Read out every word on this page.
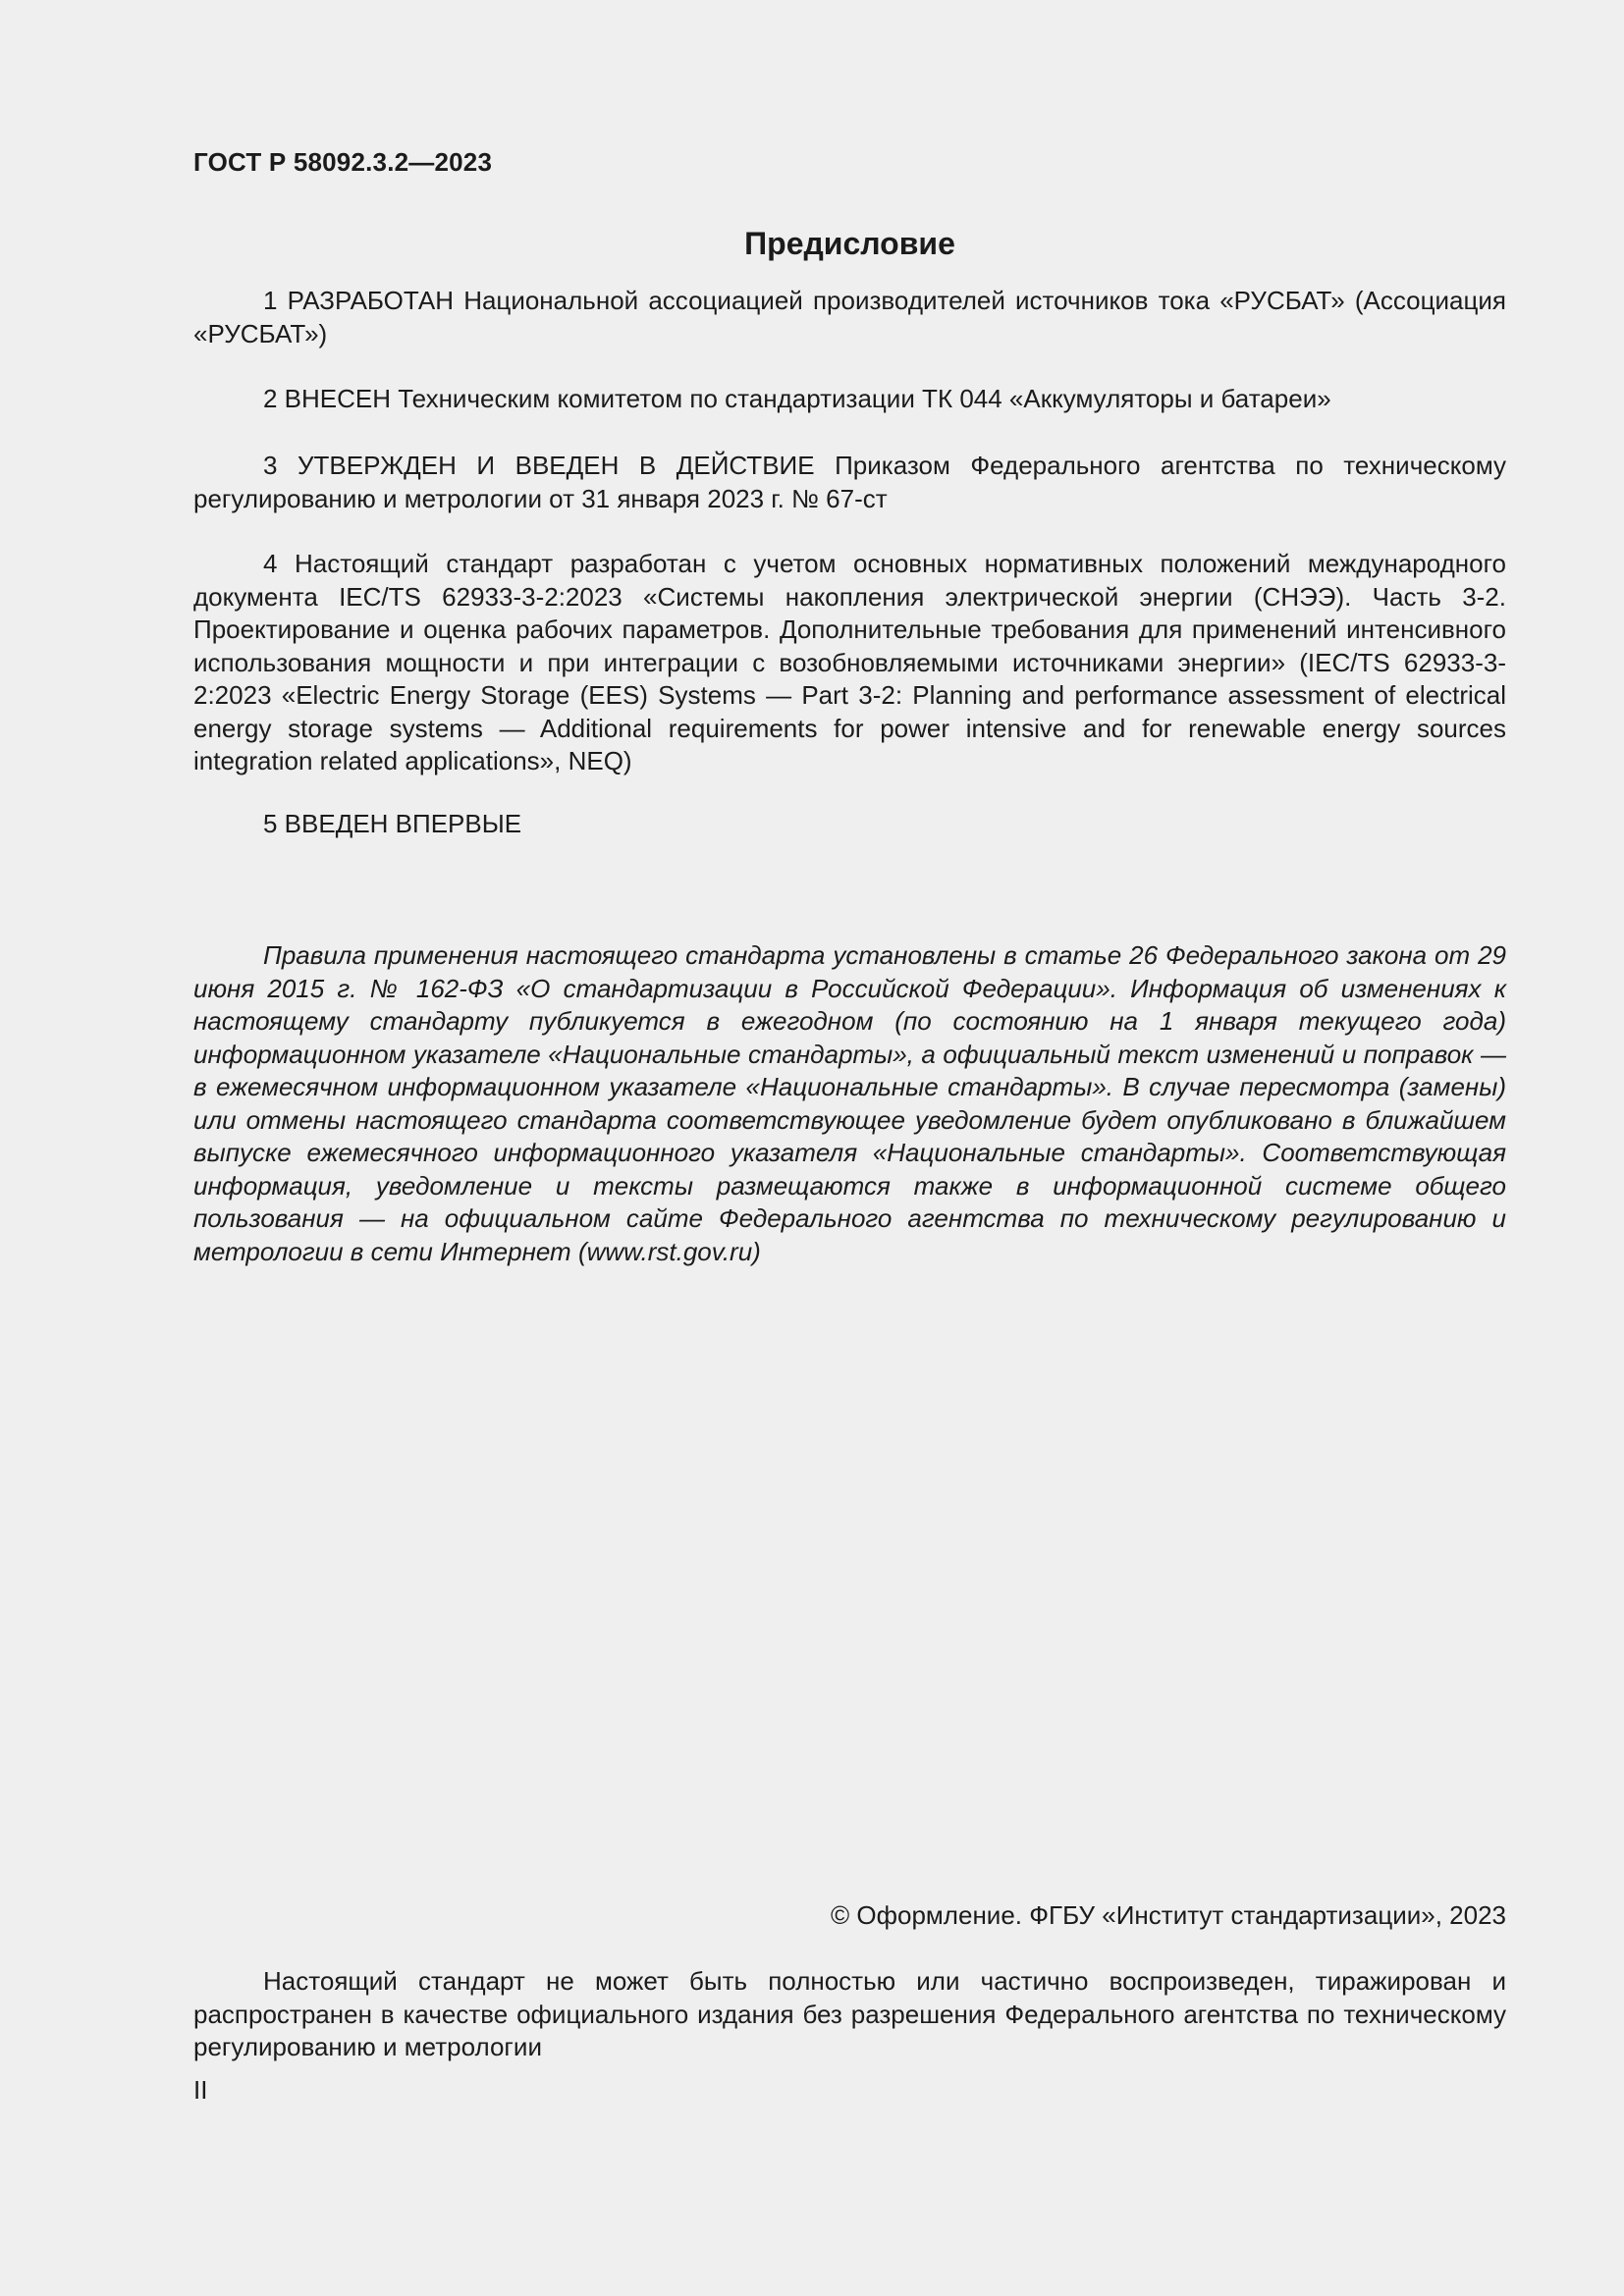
ГОСТ Р 58092.3.2—2023
Предисловие

1 РАЗРАБОТАН Национальной ассоциацией производителей источников тока «РУСБАТ» (Ассоциация «РУСБАТ»)

2 ВНЕСЕН Техническим комитетом по стандартизации ТК 044 «Аккумуляторы и батареи»

3 УТВЕРЖДЕН И ВВЕДЕН В ДЕЙСТВИЕ Приказом Федерального агентства по техническому регулированию и метрологии от 31 января 2023 г. № 67-ст

4 Настоящий стандарт разработан с учетом основных нормативных положений международного документа IEC/TS 62933-3-2:2023 «Системы накопления электрической энергии (СНЭЭ). Часть 3-2. Проектирование и оценка рабочих параметров. Дополнительные требования для применений интенсивного использования мощности и при интеграции с возобновляемыми источниками энергии» (IEC/TS 62933-3-2:2023 «Electric Energy Storage (EES) Systems — Part 3-2: Planning and performance assessment of electrical energy storage systems — Additional requirements for power intensive and for renewable energy sources integration related applications», NEQ)

5 ВВЕДЕН ВПЕРВЫЕ

Правила применения настоящего стандарта установлены в статье 26 Федерального закона от 29 июня 2015 г. № 162-ФЗ «О стандартизации в Российской Федерации». Информация об изменениях к настоящему стандарту публикуется в ежегодном (по состоянию на 1 января текущего года) информационном указателе «Национальные стандарты», а официальный текст изменений и поправок — в ежемесячном информационном указателе «Национальные стандарты». В случае пересмотра (замены) или отмены настоящего стандарта соответствующее уведомление будет опубликовано в ближайшем выпуске ежемесячного информационного указателя «Национальные стандарты». Соответствующая информация, уведомление и тексты размещаются также в информационной системе общего пользования — на официальном сайте Федерального агентства по техническому регулированию и метрологии в сети Интернет (www.rst.gov.ru)

© Оформление. ФГБУ «Институт стандартизации», 2023

Настоящий стандарт не может быть полностью или частично воспроизведен, тиражирован и распространен в качестве официального издания без разрешения Федерального агентства по техническому регулированию и метрологии

II
